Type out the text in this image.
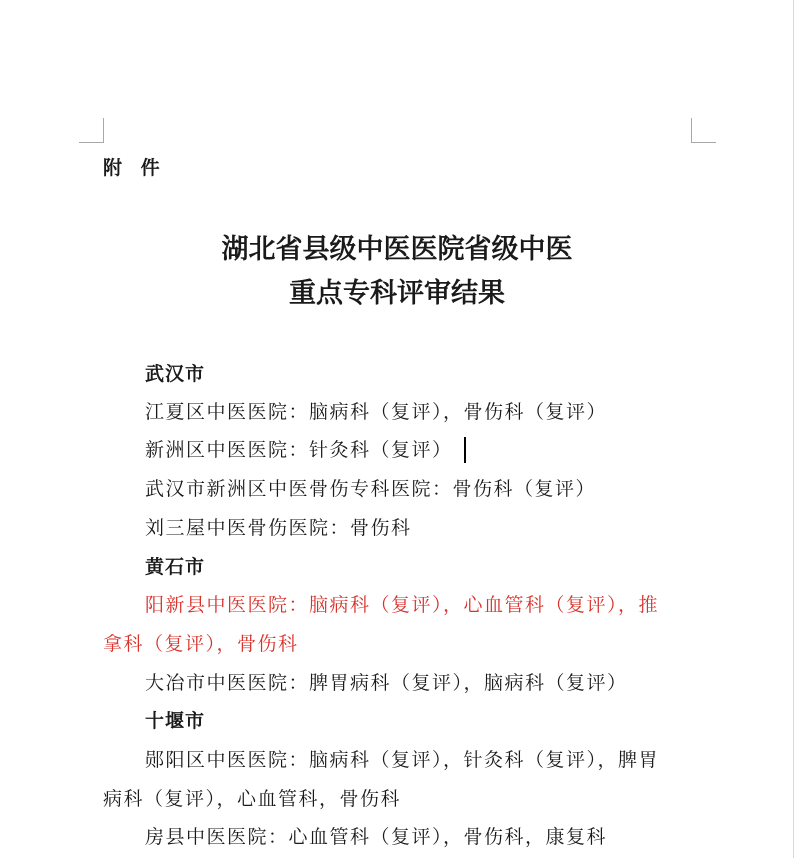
附 件
湖北省县级中医医院省级中医
重点专科评审结果
武汉市
江夏区中医医院：脑病科（复评），骨伤科（复评）
新洲区中医医院：针灸科（复评）
武汉市新洲区中医骨伤专科医院：骨伤科（复评）
刘三屋中医骨伤医院：骨伤科
黄石市
阳新县中医医院：脑病科（复评），心血管科（复评），推
拿科（复评），骨伤科
大冶市中医医院：脾胃病科（复评），脑病科（复评）
十堰市
郧阳区中医医院：脑病科（复评），针灸科（复评），脾胃
病科（复评），心血管科，骨伤科
房县中医医院：心血管科（复评），骨伤科，康复科
